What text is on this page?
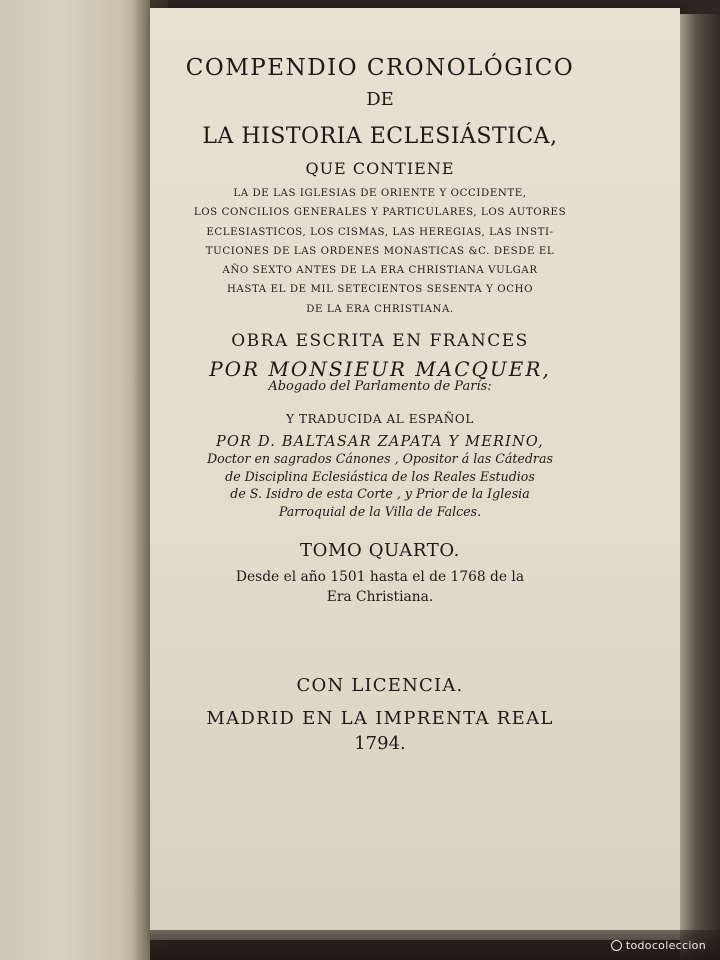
COMPENDIO CRONOLÓGICO
DE
LA HISTORIA ECLESIÁSTICA,
QUE CONTIENE
LA DE LAS IGLESIAS DE ORIENTE Y OCCIDENTE,
LOS CONCILIOS GENERALES Y PARTICULARES, LOS AUTORES
ECLESIASTICOS, LOS CISMAS, LAS HEREGIAS, LAS INSTI-
TUCIONES DE LAS ORDENES MONASTICAS &C. DESDE EL
AÑO SEXTO ANTES DE LA ERA CHRISTIANA VULGAR
HASTA EL DE MIL SETECIENTOS SESENTA Y OCHO
DE LA ERA CHRISTIANA.
OBRA ESCRITA EN FRANCES
POR MONSIEUR MACQUER,
Abogado del Parlamento de París:
Y TRADUCIDA AL ESPAÑOL
POR D. BALTASAR ZAPATA Y MERINO,
Doctor en sagrados Cánones , Opositor á las Cátedras
de Disciplina Eclesiástica de los Reales Estudios
de S. Isidro de esta Corte , y Prior de la Iglesia
Parroquial de la Villa de Falces.
TOMO QUARTO.
Desde el año 1501 hasta el de 1768 de la
Era Christiana.
CON LICENCIA.
MADRID EN LA IMPRENTA REAL
1794.
todocoleccion
